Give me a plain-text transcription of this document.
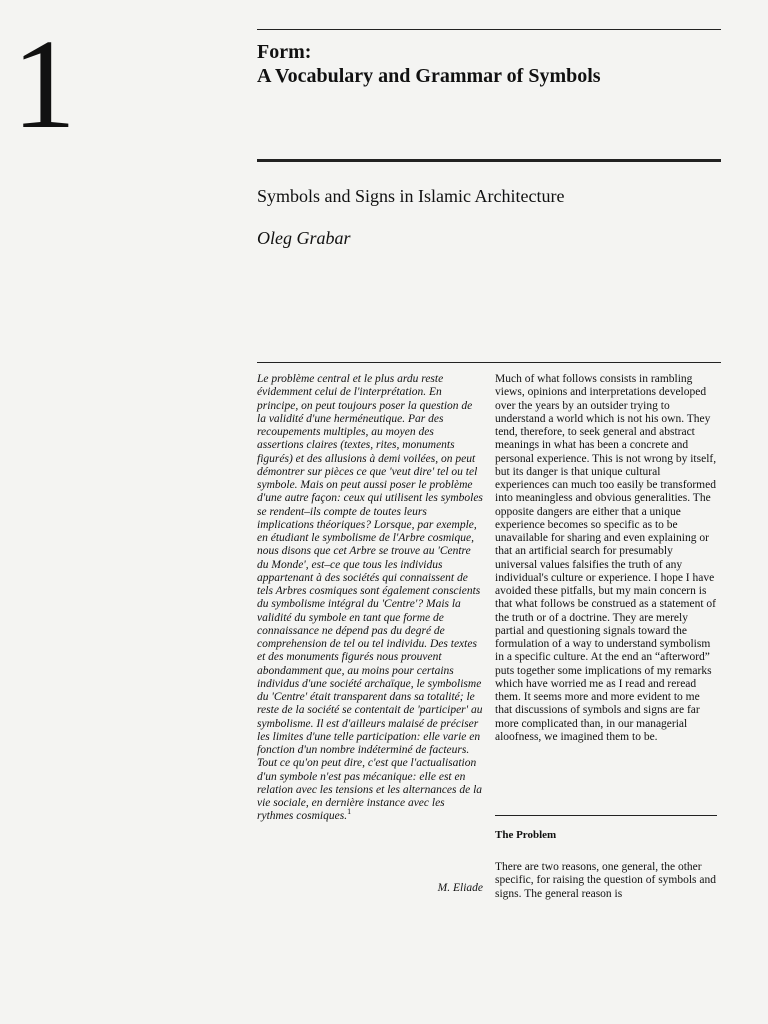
1	Form:
A Vocabulary and Grammar of Symbols
Symbols and Signs in Islamic Architecture
Oleg Grabar
Le problème central et le plus ardu reste évidemment celui de l'interprétation. En principe, on peut toujours poser la question de la validité d'une herméneutique. Par des recoupements multiples, au moyen des assertions claires (textes, rites, monuments figurés) et des allusions à demi voilées, on peut démontrer sur pièces ce que 'veut dire' tel ou tel symbole. Mais on peut aussi poser le problème d'une autre façon: ceux qui utilisent les symboles se rendent–ils compte de toutes leurs implications théoriques? Lorsque, par exemple, en étudiant le symbolisme de l'Arbre cosmique, nous disons que cet Arbre se trouve au 'Centre du Monde', est–ce que tous les individus appartenant à des sociétés qui connaissent de tels Arbres cosmiques sont également conscients du symbolisme intégral du 'Centre'? Mais la validité du symbole en tant que forme de connaissance ne dépend pas du degré de comprehension de tel ou tel individu. Des textes et des monuments figurés nous prouvent abondamment que, au moins pour certains individus d'une société archaïque, le symbolisme du 'Centre' était transparent dans sa totalité; le reste de la société se contentait de 'participer' au symbolisme. Il est d'ailleurs malaisé de préciser les limites d'une telle participation: elle varie en fonction d'un nombre indéterminé de facteurs. Tout ce qu'on peut dire, c'est que l'actualisation d'un symbole n'est pas mécanique: elle est en relation avec les tensions et les alternances de la vie sociale, en dernière instance avec les rythmes cosmiques.$^1$
M. Eliade
Much of what follows consists in rambling views, opinions and interpretations developed over the years by an outsider trying to understand a world which is not his own. They tend, therefore, to seek general and abstract meanings in what has been a concrete and personal experience. This is not wrong by itself, but its danger is that unique cultural experiences can much too easily be transformed into meaningless and obvious generalities. The opposite dangers are either that a unique experience becomes so specific as to be unavailable for sharing and even explaining or that an artificial search for presumably universal values falsifies the truth of any individual's culture or experience. I hope I have avoided these pitfalls, but my main concern is that what follows be construed as a statement of the truth or of a doctrine. They are merely partial and questioning signals toward the formulation of a way to understand symbolism in a specific culture. At the end an “afterword” puts together some implications of my remarks which have worried me as I read and reread them. It seems more and more evident to me that discussions of symbols and signs are far more complicated than, in our managerial aloofness, we imagined them to be.
The Problem
There are two reasons, one general, the other specific, for raising the question of symbols and signs. The general reason is
